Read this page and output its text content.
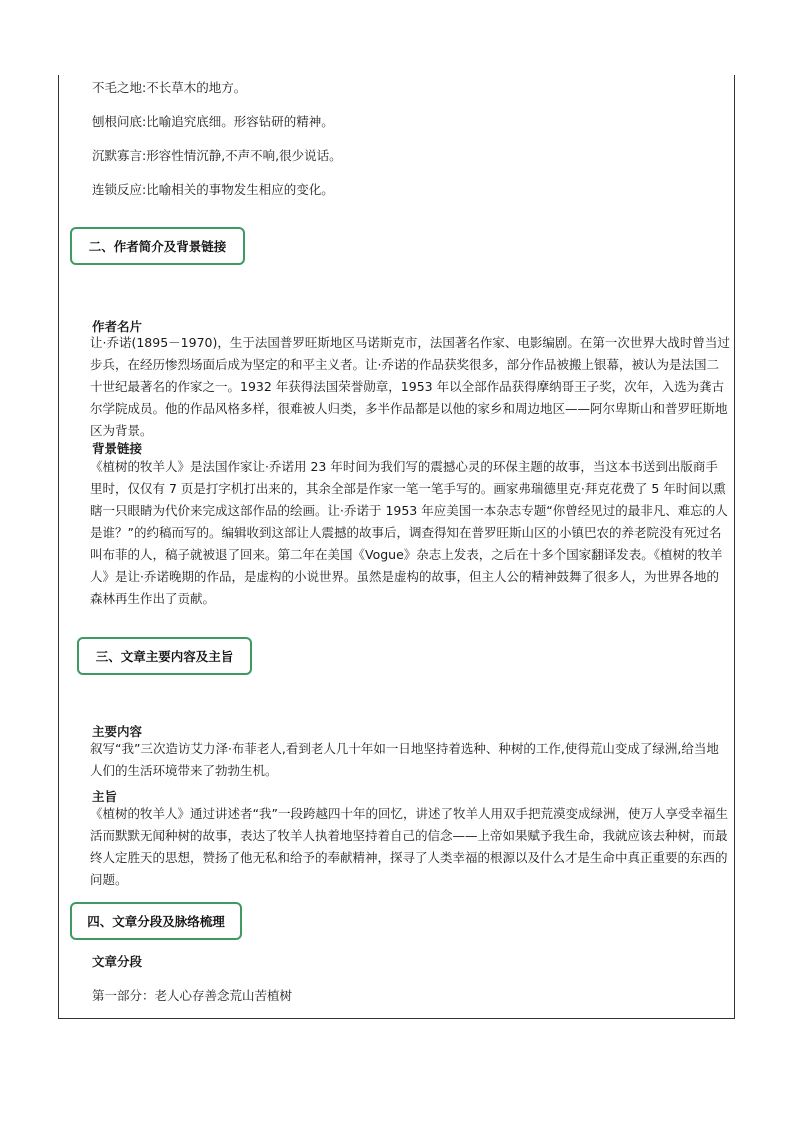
不毛之地:不长草木的地方。
刨根问底:比喻追究底细。形容钻研的精神。
沉默寡言:形容性情沉静,不声不响,很少说话。
连锁反应:比喻相关的事物发生相应的变化。
二、作者简介及背景链接
作者名片
让·乔诺(1895－1970)，生于法国普罗旺斯地区马诺斯克市，法国著名作家、电影编剧。在第一次世界大战时曾当过步兵，在经历惨烈场面后成为坚定的和平主义者。让·乔诺的作品获奖很多，部分作品被搬上银幕，被认为是法国二十世纪最著名的作家之一。1932 年获得法国荣誉勋章，1953 年以全部作品获得摩纳哥王子奖，次年，入选为龚古尔学院成员。他的作品风格多样，很难被人归类，多半作品都是以他的家乡和周边地区——阿尔卑斯山和普罗旺斯地区为背景。
背景链接
《植树的牧羊人》是法国作家让·乔诺用 23 年时间为我们写的震撼心灵的环保主题的故事，当这本书送到出版商手里时，仅仅有 7 页是打字机打出来的，其余全部是作家一笔一笔手写的。画家弗瑞德里克·拜克花费了 5 年时间以熏瞎一只眼睛为代价来完成这部作品的绘画。让·乔诺于 1953 年应美国一本杂志专题“你曾经见过的最非凡、难忘的人是谁？”的约稿而写的。编辑收到这部让人震撼的故事后，调查得知在普罗旺斯山区的小镇巴农的养老院没有死过名叫布菲的人，稿子就被退了回来。第二年在美国《Vogue》杂志上发表，之后在十多个国家翻译发表。《植树的牧羊人》是让·乔诺晚期的作品，是虚构的小说世界。虽然是虚构的故事，但主人公的精神鼓舞了很多人，为世界各地的森林再生作出了贡献。
三、文章主要内容及主旨
主要内容
叙写“我”三次造访艾力泽·布菲老人,看到老人几十年如一日地坚持着选种、种树的工作,使得荒山变成了绿洲,给当地人们的生活环境带来了勃勃生机。
主旨
《植树的牧羊人》通过讲述者“我”一段跨越四十年的回忆，讲述了牧羊人用双手把荒漠变成绿洲，使万人享受幸福生活而默默无闻种树的故事，表达了牧羊人执着地坚持着自己的信念——上帝如果赋予我生命，我就应该去种树，而最终人定胜天的思想，赞扬了他无私和给予的奉献精神，探寻了人类幸福的根源以及什么才是生命中真正重要的东西的问题。
四、文章分段及脉络梳理
文章分段
第一部分：老人心存善念荒山苦植树
